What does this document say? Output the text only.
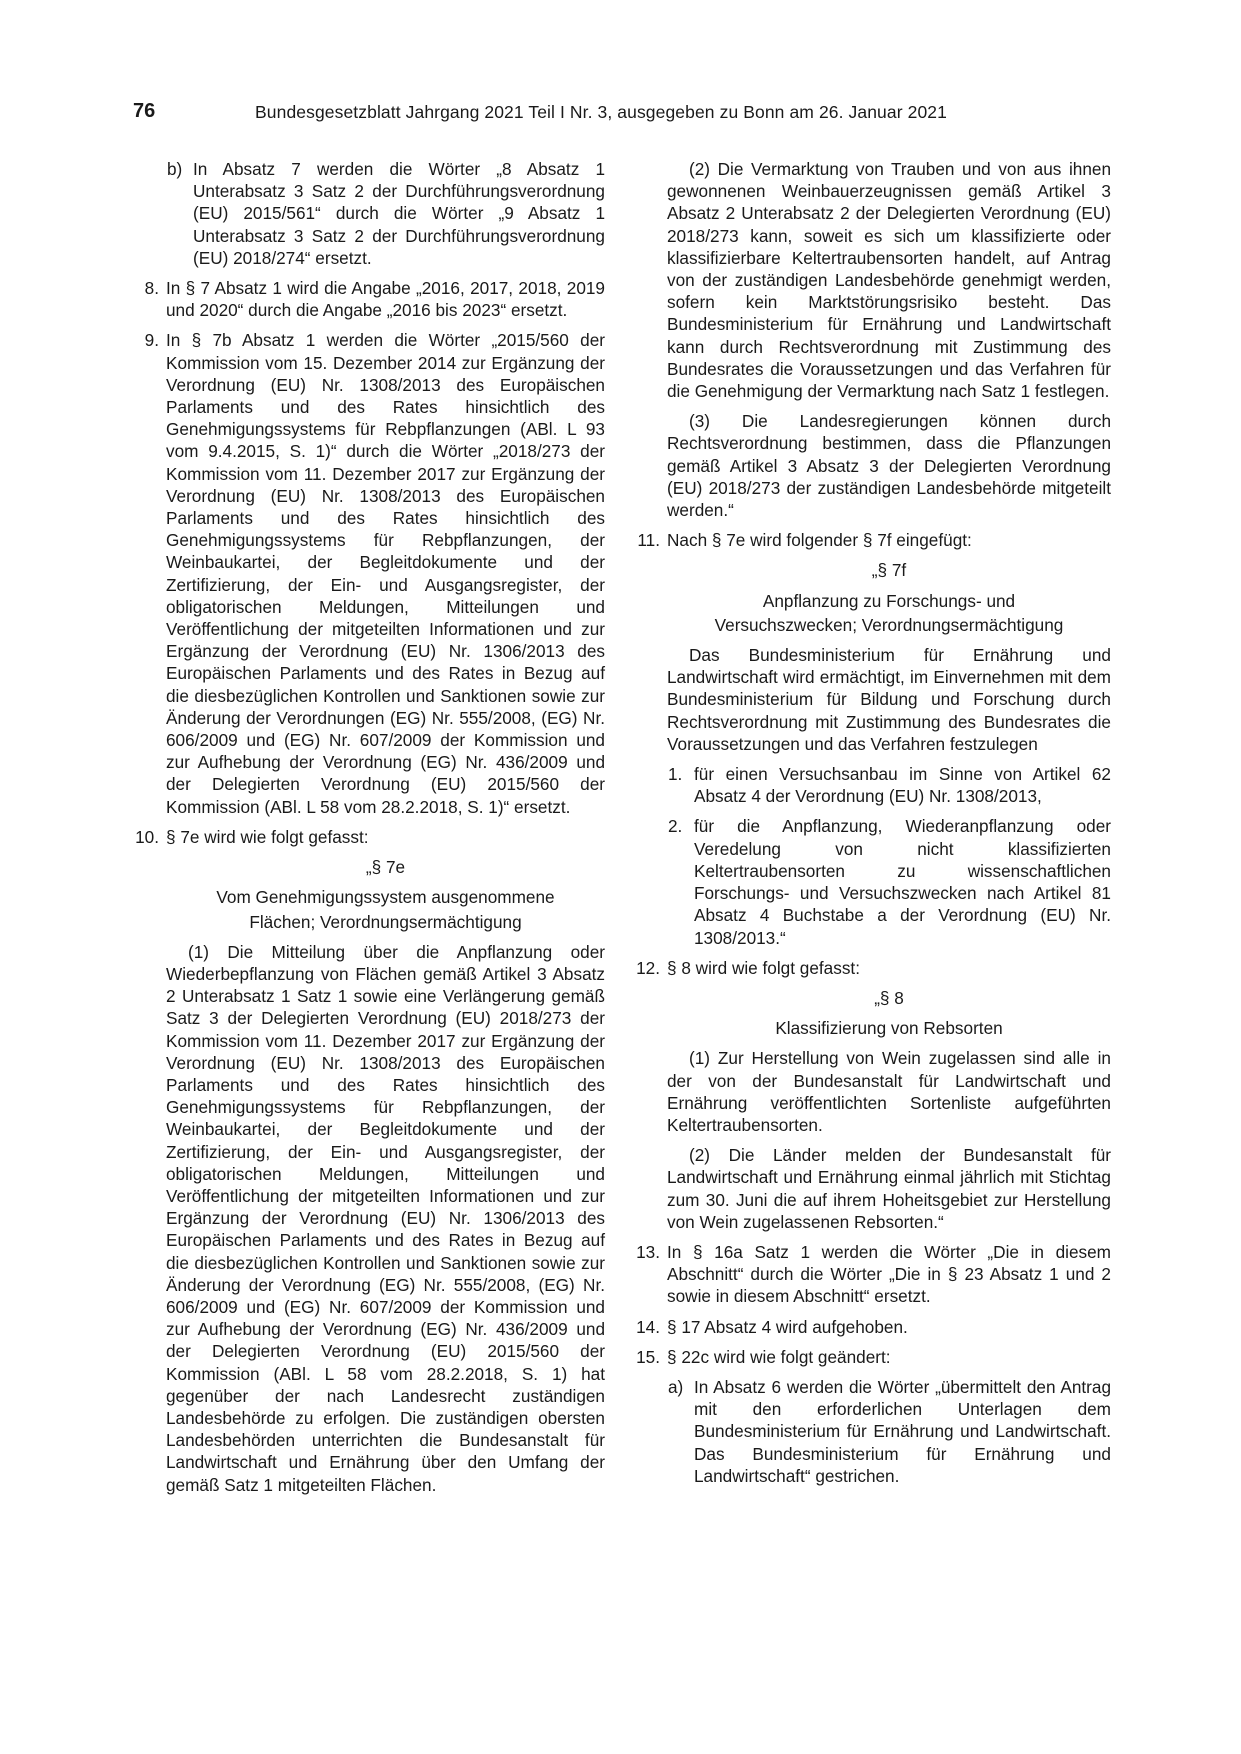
76	Bundesgesetzblatt Jahrgang 2021 Teil I Nr. 3, ausgegeben zu Bonn am 26. Januar 2021
b) In Absatz 7 werden die Wörter „8 Absatz 1 Unterabsatz 3 Satz 2 der Durchführungsverordnung (EU) 2015/561“ durch die Wörter „9 Absatz 1 Unterabsatz 3 Satz 2 der Durchführungsverordnung (EU) 2018/274“ ersetzt.

8. In § 7 Absatz 1 wird die Angabe „2016, 2017, 2018, 2019 und 2020“ durch die Angabe „2016 bis 2023“ ersetzt.

9. In § 7b Absatz 1 werden die Wörter „2015/560 der Kommission vom 15. Dezember 2014 zur Ergänzung der Verordnung (EU) Nr. 1308/2013 des Europäischen Parlaments und des Rates hinsichtlich des Genehmigungssystems für Rebpflanzungen (ABl. L 93 vom 9.4.2015, S. 1)“ durch die Wörter „2018/273 der Kommission vom 11. Dezember 2017 zur Ergänzung der Verordnung (EU) Nr. 1308/2013 des Europäischen Parlaments und des Rates hinsichtlich des Genehmigungssystems für Rebpflanzungen, der Weinbaukartei, der Begleitdokumente und der Zertifizierung, der Ein- und Ausgangsregister, der obligatorischen Meldungen, Mitteilungen und Veröffentlichung der mitgeteilten Informationen und zur Ergänzung der Verordnung (EU) Nr. 1306/2013 des Europäischen Parlaments und des Rates in Bezug auf die diesbezüglichen Kontrollen und Sanktionen sowie zur Änderung der Verordnungen (EG) Nr. 555/2008, (EG) Nr. 606/2009 und (EG) Nr. 607/2009 der Kommission und zur Aufhebung der Verordnung (EG) Nr. 436/2009 und der Delegierten Verordnung (EU) 2015/560 der Kommission (ABl. L 58 vom 28.2.2018, S. 1)“ ersetzt.

10. § 7e wird wie folgt gefasst:

„§ 7e

Vom Genehmigungssystem ausgenommene

Flächen; Verordnungsermächtigung

(1) Die Mitteilung über die Anpflanzung oder Wiederbepflanzung von Flächen gemäß Artikel 3 Absatz 2 Unterabsatz 1 Satz 1 sowie eine Verlängerung gemäß Satz 3 der Delegierten Verordnung (EU) 2018/273 der Kommission vom 11. Dezember 2017 zur Ergänzung der Verordnung (EU) Nr. 1308/2013 des Europäischen Parlaments und des Rates hinsichtlich des Genehmigungssystems für Rebpflanzungen, der Weinbaukartei, der Begleitdokumente und der Zertifizierung, der Ein- und Ausgangsregister, der obligatorischen Meldungen, Mitteilungen und Veröffentlichung der mitgeteilten Informationen und zur Ergänzung der Verordnung (EU) Nr. 1306/2013 des Europäischen Parlaments und des Rates in Bezug auf die diesbezüglichen Kontrollen und Sanktionen sowie zur Änderung der Verordnung (EG) Nr. 555/2008, (EG) Nr. 606/2009 und (EG) Nr. 607/2009 der Kommission und zur Aufhebung der Verordnung (EG) Nr. 436/2009 und der Delegierten Verordnung (EU) 2015/560 der Kommission (ABl. L 58 vom 28.2.2018, S. 1) hat gegenüber der nach Landesrecht zuständigen Landesbehörde zu erfolgen. Die zuständigen obersten Landesbehörden unterrichten die Bundesanstalt für Landwirtschaft und Ernährung über den Umfang der gemäß Satz 1 mitgeteilten Flächen.

(2) Die Vermarktung von Trauben und von aus ihnen gewonnenen Weinbauerzeugnissen gemäß Artikel 3 Absatz 2 Unterabsatz 2 der Delegierten Verordnung (EU) 2018/273 kann, soweit es sich um klassifizierte oder klassifizierbare Keltertraubensorten handelt, auf Antrag von der zuständigen Landesbehörde genehmigt werden, sofern kein Marktstörungsrisiko besteht. Das Bundesministerium für Ernährung und Landwirtschaft kann durch Rechtsverordnung mit Zustimmung des Bundesrates die Voraussetzungen und das Verfahren für die Genehmigung der Vermarktung nach Satz 1 festlegen.

(3) Die Landesregierungen können durch Rechtsverordnung bestimmen, dass die Pflanzungen gemäß Artikel 3 Absatz 3 der Delegierten Verordnung (EU) 2018/273 der zuständigen Landesbehörde mitgeteilt werden.“

11. Nach § 7e wird folgender § 7f eingefügt:

„§ 7f

Anpflanzung zu Forschungs- und

Versuchszwecken; Verordnungsermächtigung

Das Bundesministerium für Ernährung und Landwirtschaft wird ermächtigt, im Einvernehmen mit dem Bundesministerium für Bildung und Forschung durch Rechtsverordnung mit Zustimmung des Bundesrates die Voraussetzungen und das Verfahren festzulegen

1. für einen Versuchsanbau im Sinne von Artikel 62 Absatz 4 der Verordnung (EU) Nr. 1308/2013,

2. für die Anpflanzung, Wiederanpflanzung oder Veredelung von nicht klassifizierten Keltertraubensorten zu wissenschaftlichen Forschungs- und Versuchszwecken nach Artikel 81 Absatz 4 Buchstabe a der Verordnung (EU) Nr. 1308/2013.“

12. § 8 wird wie folgt gefasst:

„§ 8

Klassifizierung von Rebsorten

(1) Zur Herstellung von Wein zugelassen sind alle in der von der Bundesanstalt für Landwirtschaft und Ernährung veröffentlichten Sortenliste aufgeführten Keltertraubensorten.

(2) Die Länder melden der Bundesanstalt für Landwirtschaft und Ernährung einmal jährlich mit Stichtag zum 30. Juni die auf ihrem Hoheitsgebiet zur Herstellung von Wein zugelassenen Rebsorten.“

13. In § 16a Satz 1 werden die Wörter „Die in diesem Abschnitt“ durch die Wörter „Die in § 23 Absatz 1 und 2 sowie in diesem Abschnitt“ ersetzt.

14. § 17 Absatz 4 wird aufgehoben.

15. § 22c wird wie folgt geändert:

a) In Absatz 6 werden die Wörter „übermittelt den Antrag mit den erforderlichen Unterlagen dem Bundesministerium für Ernährung und Landwirtschaft. Das Bundesministerium für Ernährung und Landwirtschaft“ gestrichen.
